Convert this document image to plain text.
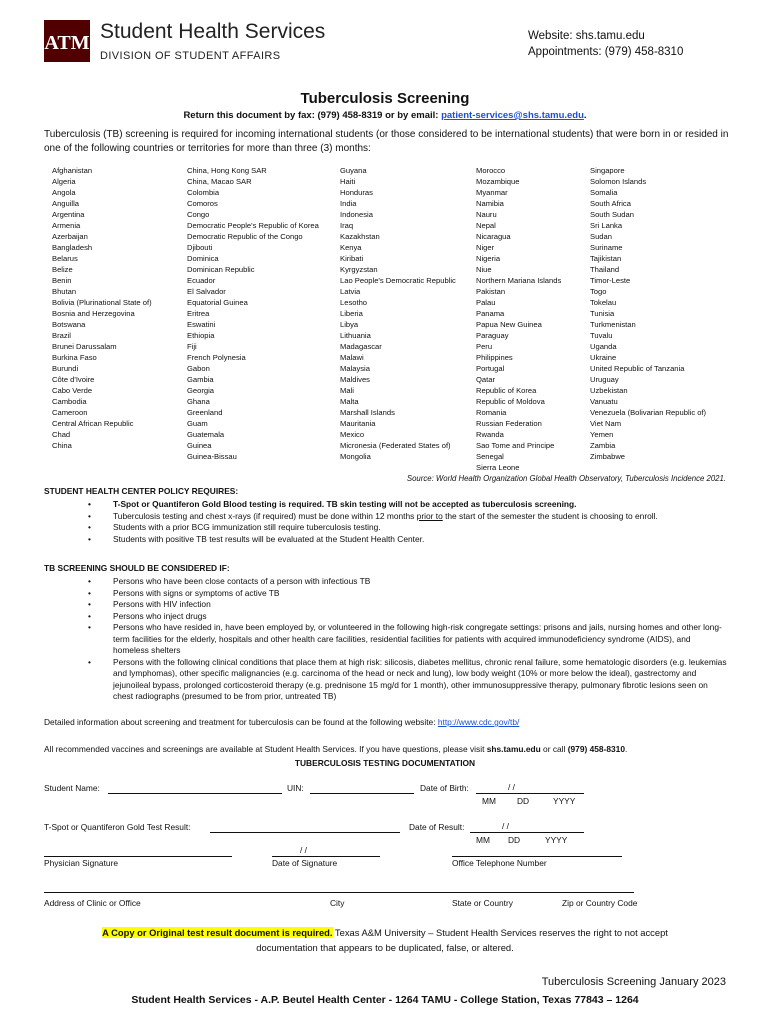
ATM Student Health Services
DIVISION OF STUDENT AFFAIRS
Website: shs.tamu.edu
Appointments: (979) 458-8310
Tuberculosis Screening
Return this document by fax: (979) 458-8319 or by email: patient-services@shs.tamu.edu.
Tuberculosis (TB) screening is required for incoming international students (or those considered to be international students) that were born in or resided in one of the following countries or territories for more than three (3) months:
Afghanistan
Algeria
Angola
Anguilla
Argentina
Armenia
Azerbaijan
Bangladesh
Belarus
Belize
Benin
Bhutan
Bolivia (Plurinational State of)
Bosnia and Herzegovina
Botswana
Brazil
Brunei Darussalam
Burkina Faso
Burundi
Côte d'Ivoire
Cabo Verde
Cambodia
Cameroon
Central African Republic
Chad
China
China, Hong Kong SAR
China, Macao SAR
Colombia
Comoros
Congo
Democratic People's Republic of Korea
Democratic Republic of the Congo
Djibouti
Dominica
Dominican Republic
Ecuador
El Salvador
Equatorial Guinea
Eritrea
Eswatini
Ethiopia
Fiji
French Polynesia
Gabon
Gambia
Georgia
Ghana
Greenland
Guam
Guatemala
Guinea
Guinea-Bissau
Guyana
Haiti
Honduras
India
Indonesia
Iraq
Kazakhstan
Kenya
Kiribati
Kyrgyzstan
Lao People's Democratic Republic
Latvia
Lesotho
Liberia
Libya
Lithuania
Madagascar
Malawi
Malaysia
Maldives
Mali
Malta
Marshall Islands
Mauritania
Mexico
Micronesia (Federated States of)
Mongolia
Morocco
Mozambique
Myanmar
Namibia
Nauru
Nepal
Nicaragua
Niger
Nigeria
Niue
Northern Mariana Islands
Pakistan
Palau
Panama
Papua New Guinea
Paraguay
Peru
Philippines
Portugal
Qatar
Republic of Korea
Republic of Moldova
Romania
Russian Federation
Rwanda
Sao Tome and Principe
Senegal
Sierra Leone
Singapore
Solomon Islands
Somalia
South Africa
South Sudan
Sri Lanka
Sudan
Suriname
Tajikistan
Thailand
Timor-Leste
Togo
Tokelau
Tunisia
Turkmenistan
Tuvalu
Uganda
Ukraine
United Republic of Tanzania
Uruguay
Uzbekistan
Vanuatu
Venezuela (Bolivarian Republic of)
Viet Nam
Yemen
Zambia
Zimbabwe
Source: World Health Organization Global Health Observatory, Tuberculosis Incidence 2021.
STUDENT HEALTH CENTER POLICY REQUIRES:
• T-Spot or Quantiferon Gold Blood testing is required. TB skin testing will not be accepted as tuberculosis screening.
• Tuberculosis testing and chest x-rays (if required) must be done within 12 months prior to the start of the semester the student is choosing to enroll.
• Students with a prior BCG immunization still require tuberculosis testing.
• Students with positive TB test results will be evaluated at the Student Health Center.
TB SCREENING SHOULD BE CONSIDERED IF:
• Persons who have been close contacts of a person with infectious TB
• Persons with signs or symptoms of active TB
• Persons with HIV infection
• Persons who inject drugs
• Persons who have resided in, have been employed by, or volunteered in the following high-risk congregate settings: prisons and jails, nursing homes and other long-term facilities for the elderly, hospitals and other health care facilities, residential facilities for patients with acquired immunodeficiency syndrome (AIDS), and homeless shelters
• Persons with the following clinical conditions that place them at high risk: silicosis, diabetes mellitus, chronic renal failure, some hematologic disorders (e.g. leukemias and lymphomas), other specific malignancies (e.g. carcinoma of the head or neck and lung), low body weight (10% or more below the ideal), gastrectomy and jejunoileal bypass, prolonged corticosteroid therapy (e.g. prednisone 15 mg/d for 1 month), other immunosuppressive therapy, pulmonary fibrotic lesions seen on chest radiographs (presumed to be from prior, untreated TB)
Detailed information about screening and treatment for tuberculosis can be found at the following website: http://www.cdc.gov/tb/
All recommended vaccines and screenings are available at Student Health Services. If you have questions, please visit shs.tamu.edu or call (979) 458-8310.
TUBERCULOSIS TESTING DOCUMENTATION
Student Name:	UIN:	Date of Birth:	/ /
MM	DD	YYYY
T-Spot or Quantiferon Gold Test Result:	Date of Result:	/ /
MM DD	YYYY
/ /
Physician Signature	Date of Signature	Office Telephone Number
Address of Clinic or Office	City	State or Country	Zip or Country Code
A Copy or Original test result document is required. Texas A&M University – Student Health Services reserves the right to not accept
documentation that appears to be duplicated, false, or altered.
Tuberculosis Screening January 2023
Student Health Services - A.P. Beutel Health Center - 1264 TAMU - College Station, Texas 77843 – 1264
